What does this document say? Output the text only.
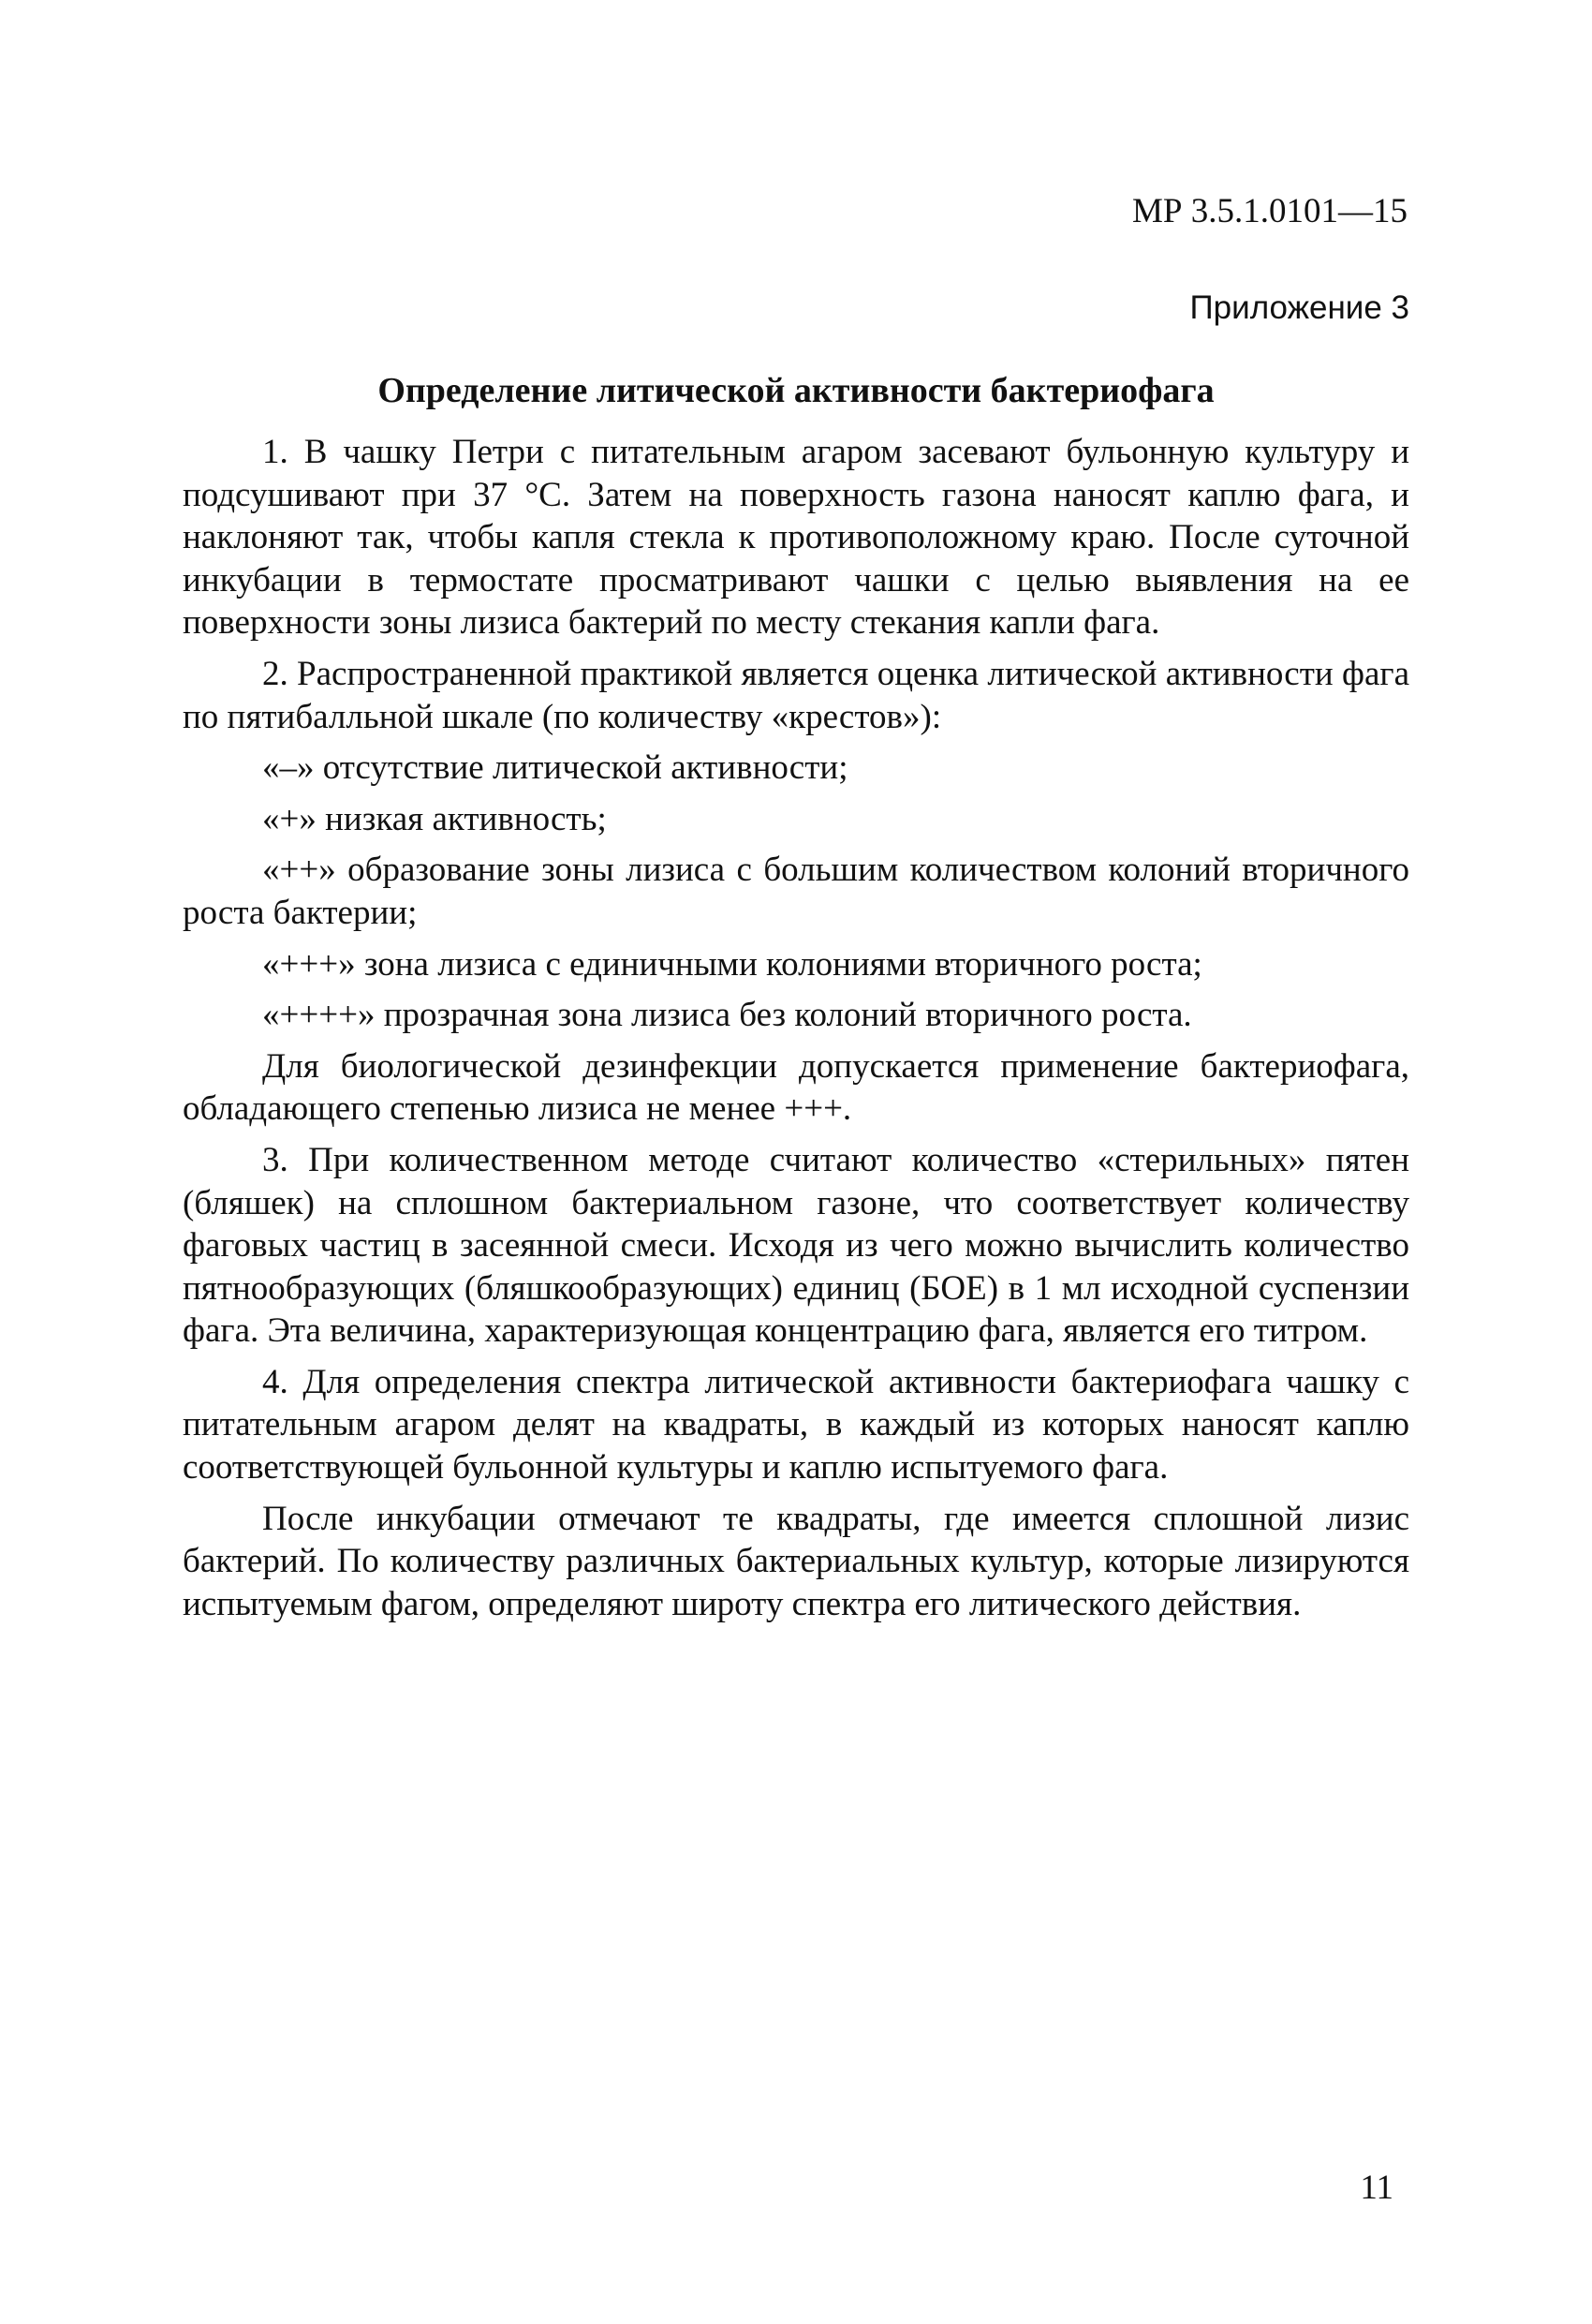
МР 3.5.1.0101—15
Приложение 3
Определение литической активности бактериофага

1. В чашку Петри с питательным агаром засевают бульонную культуру и подсушивают при 37 °С. Затем на поверхность газона наносят каплю фага, и наклоняют так, чтобы капля стекла к противоположному краю. После суточной инкубации в термостате просматривают чашки с целью выявления на ее поверхности зоны лизиса бактерий по месту стекания капли фага.

2. Распространенной практикой является оценка литической активности фага по пятибалльной шкале (по количеству «крестов»):

«–» отсутствие литической активности;

«+» низкая активность;

«++» образование зоны лизиса с большим количеством колоний вторичного роста бактерии;

«+++» зона лизиса с единичными колониями вторичного роста;

«++++» прозрачная зона лизиса без колоний вторичного роста.

Для биологической дезинфекции допускается применение бактериофага, обладающего степенью лизиса не менее +++.

3. При количественном методе считают количество «стерильных» пятен (бляшек) на сплошном бактериальном газоне, что соответствует количеству фаговых частиц в засеянной смеси. Исходя из чего можно вычислить количество пятнообразующих (бляшкообразующих) единиц (БОЕ) в 1 мл исходной суспензии фага. Эта величина, характеризующая концентрацию фага, является его титром.

4. Для определения спектра литической активности бактериофага чашку с питательным агаром делят на квадраты, в каждый из которых наносят каплю соответствующей бульонной культуры и каплю испытуемого фага.

После инкубации отмечают те квадраты, где имеется сплошной лизис бактерий. По количеству различных бактериальных культур, которые лизируются испытуемым фагом, определяют широту спектра его литического действия.

11
